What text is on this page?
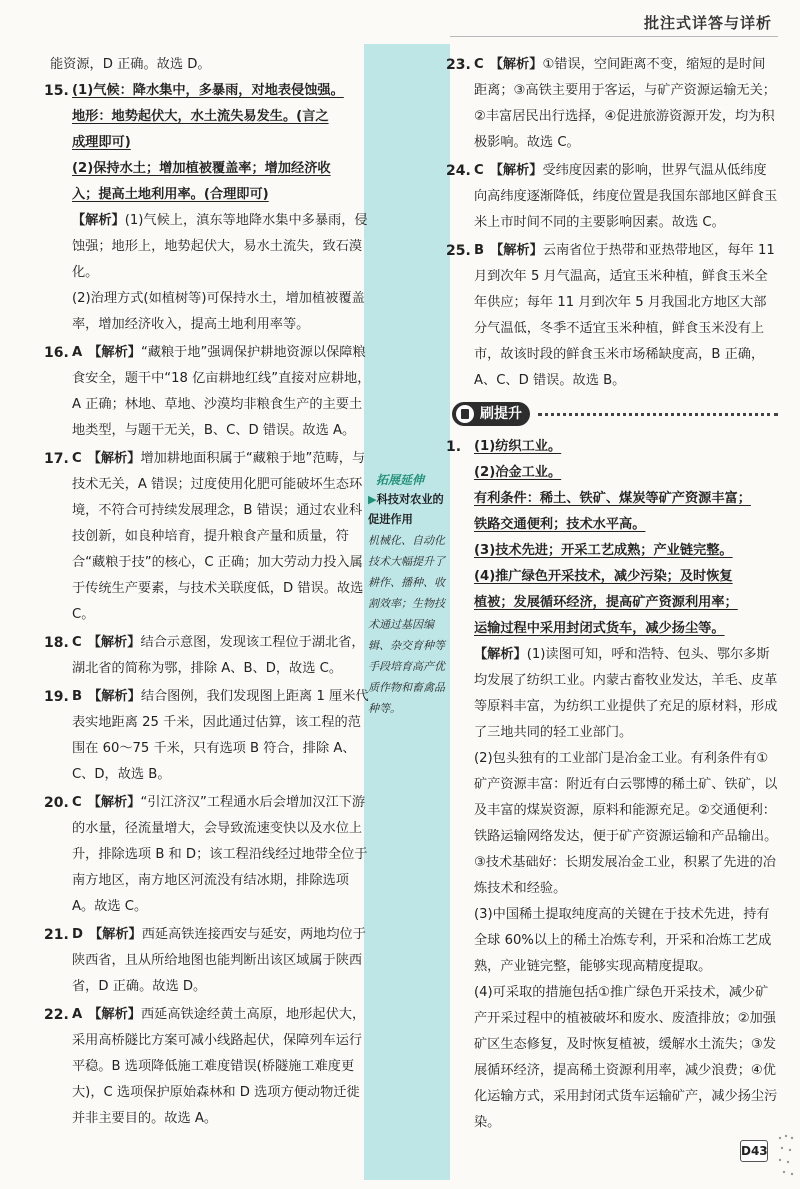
批注式详答与详析

能资源，D 正确。故选 D。

15. (1)气候：降水集中，多暴雨，对地表侵蚀强。

地形：地势起伏大，水土流失易发生。(言之

成理即可)

(2)保持水土；增加植被覆盖率；增加经济收

入；提高土地利用率。(合理即可)

【解析】(1)气候上，滇东等地降水集中多暴雨，侵蚀强；地形上，地势起伏大，易水土流失，致石漠化。

(2)治理方式(如植树等)可保持水土，增加植被覆盖率，增加经济收入，提高土地利用率等。

16. A 【解析】“藏粮于地”强调保护耕地资源以保障粮食安全，题干中“18 亿亩耕地红线”直接对应耕地，A 正确；林地、草地、沙漠均非粮食生产的主要土地类型，与题干无关，B、C、D 错误。故选 A。

17. C 【解析】增加耕地面积属于“藏粮于地”范畴，与技术无关，A 错误；过度使用化肥可能破坏生态环境，不符合可持续发展理念，B 错误；通过农业科技创新，如良种培育，提升粮食产量和质量，符合“藏粮于技”的核心，C 正确；加大劳动力投入属于传统生产要素，与技术关联度低，D 错误。故选 C。

18. C 【解析】结合示意图，发现该工程位于湖北省，湖北省的简称为鄂，排除 A、B、D，故选 C。

19. B 【解析】结合图例，我们发现图上距离 1 厘米代表实地距离 25 千米，因此通过估算，该工程的范围在 60～75 千米，只有选项 B 符合，排除 A、C、D，故选 B。

20. C 【解析】“引江济汉”工程通水后会增加汉江下游的水量，径流量增大，会导致流速变快以及水位上升，排除选项 B 和 D；该工程沿线经过地带全位于南方地区，南方地区河流没有结冰期，排除选项 A。故选 C。

21. D 【解析】西延高铁连接西安与延安，两地均位于陕西省，且从所给地图也能判断出该区域属于陕西省，D 正确。故选 D。

22. A 【解析】西延高铁途经黄土高原，地形起伏大，采用高桥隧比方案可减小线路起伏，保障列车运行平稳。B 选项降低施工难度错误(桥隧施工难度更大)，C 选项保护原始森林和 D 选项方便动物迁徙并非主要目的。故选 A。

拓展延伸
▶科技对农业的促进作用
机械化、自动化技术大幅提升了耕作、播种、收割效率；生物技术通过基因编辑、杂交育种等手段培育高产优质作物和畜禽品种等。
23. C 【解析】①错误，空间距离不变，缩短的是时间距离；③高铁主要用于客运，与矿产资源运输无关；②丰富居民出行选择，④促进旅游资源开发，均为积极影响。故选 C。

24. C 【解析】受纬度因素的影响，世界气温从低纬度向高纬度逐渐降低，纬度位置是我国东部地区鲜食玉米上市时间不同的主要影响因素。故选 C。

25. B 【解析】云南省位于热带和亚热带地区，每年 11 月到次年 5 月气温高，适宜玉米种植，鲜食玉米全年供应；每年 11 月到次年 5 月我国北方地区大部分气温低，冬季不适宜玉米种植，鲜食玉米没有上市，故该时段的鲜食玉米市场稀缺度高，B 正确，A、C、D 错误。故选 B。

刷提升
1. (1)纺织工业。

(2)冶金工业。

有利条件：稀土、铁矿、煤炭等矿产资源丰富；

铁路交通便利；技术水平高。

(3)技术先进；开采工艺成熟；产业链完整。

(4)推广绿色开采技术，减少污染；及时恢复

植被；发展循环经济，提高矿产资源利用率；

运输过程中采用封闭式货车，减少扬尘等。

【解析】(1)读图可知，呼和浩特、包头、鄂尔多斯均发展了纺织工业。内蒙古畜牧业发达，羊毛、皮革等原料丰富，为纺织工业提供了充足的原材料，形成了三地共同的轻工业部门。

(2)包头独有的工业部门是冶金工业。有利条件有①矿产资源丰富：附近有白云鄂博的稀土矿、铁矿，以及丰富的煤炭资源，原料和能源充足。②交通便利：铁路运输网络发达，便于矿产资源运输和产品输出。③技术基础好：长期发展冶金工业，积累了先进的冶炼技术和经验。

(3)中国稀土提取纯度高的关键在于技术先进，持有全球 60%以上的稀土冶炼专利，开采和冶炼工艺成熟，产业链完整，能够实现高精度提取。

(4)可采取的措施包括①推广绿色开采技术，减少矿产开采过程中的植被破坏和废水、废渣排放；②加强矿区生态修复，及时恢复植被，缓解水土流失；③发展循环经济，提高稀土资源利用率，减少浪费；④优化运输方式，采用封闭式货车运输矿产，减少扬尘污染。

D43
